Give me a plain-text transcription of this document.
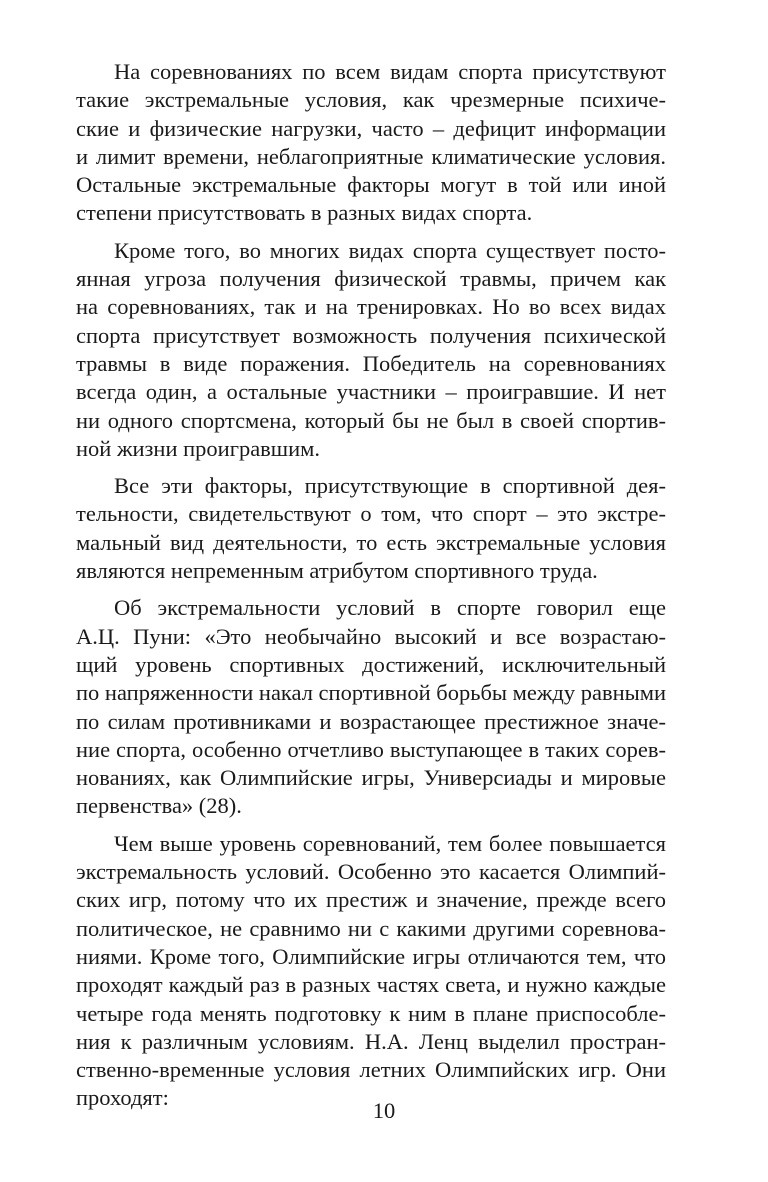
На соревнованиях по всем видам спорта присутствуют
такие экстремальные условия, как чрезмерные психиче-
ские и физические нагрузки, часто – дефицит информации
и лимит времени, неблагоприятные климатические условия.
Остальные экстремальные факторы могут в той или иной
степени присутствовать в разных видах спорта.
Кроме того, во многих видах спорта существует посто-
янная угроза получения физической травмы, причем как
на соревнованиях, так и на тренировках. Но во всех видах
спорта присутствует возможность получения психической
травмы в виде поражения. Победитель на соревнованиях
всегда один, а остальные участники – проигравшие. И нет
ни одного спортсмена, который бы не был в своей спортив-
ной жизни проигравшим.
Все эти факторы, присутствующие в спортивной дея-
тельности, свидетельствуют о том, что спорт – это экстре-
мальный вид деятельности, то есть экстремальные условия
являются непременным атрибутом спортивного труда.
Об экстремальности условий в спорте говорил еще
А.Ц. Пуни: «Это необычайно высокий и все возрастаю-
щий уровень спортивных достижений, исключительный
по напряженности накал спортивной борьбы между равными
по силам противниками и возрастающее престижное значе-
ние спорта, особенно отчетливо выступающее в таких сорев-
нованиях, как Олимпийские игры, Универсиады и мировые
первенства» (28).
Чем выше уровень соревнований, тем более повышается
экстремальность условий. Особенно это касается Олимпий-
ских игр, потому что их престиж и значение, прежде всего
политическое, не сравнимо ни с какими другими соревнова-
ниями. Кроме того, Олимпийские игры отличаются тем, что
проходят каждый раз в разных частях света, и нужно каждые
четыре года менять подготовку к ним в плане приспособле-
ния к различным условиям. Н.А. Ленц выделил простран-
ственно-временные условия летних Олимпийских игр. Они
проходят:
10
